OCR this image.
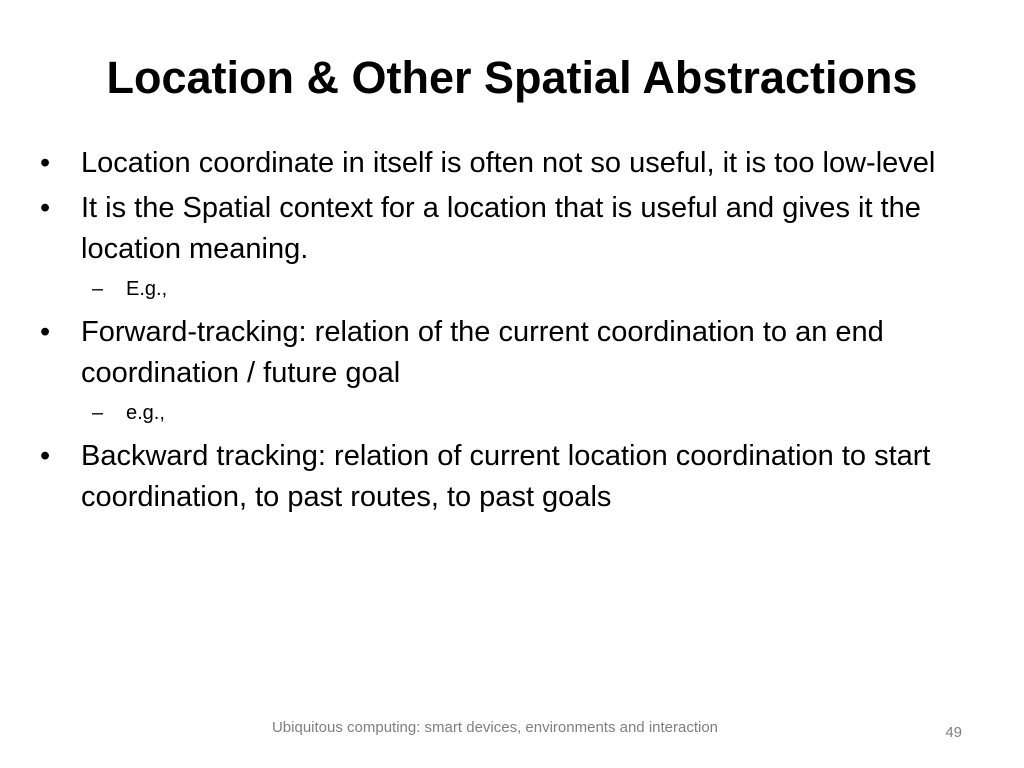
Location & Other Spatial Abstractions
•	Location coordinate in itself is often not so useful, it is too low-level
•	It is the Spatial context for a location that is useful and gives it the location meaning.
– E.g.,
•	Forward-tracking: relation of the current coordination to an end coordination / future goal
– e.g.,
•	Backward tracking: relation of current location coordination to start coordination, to past routes, to past goals
Ubiquitous computing: smart devices, environments and interaction	49
